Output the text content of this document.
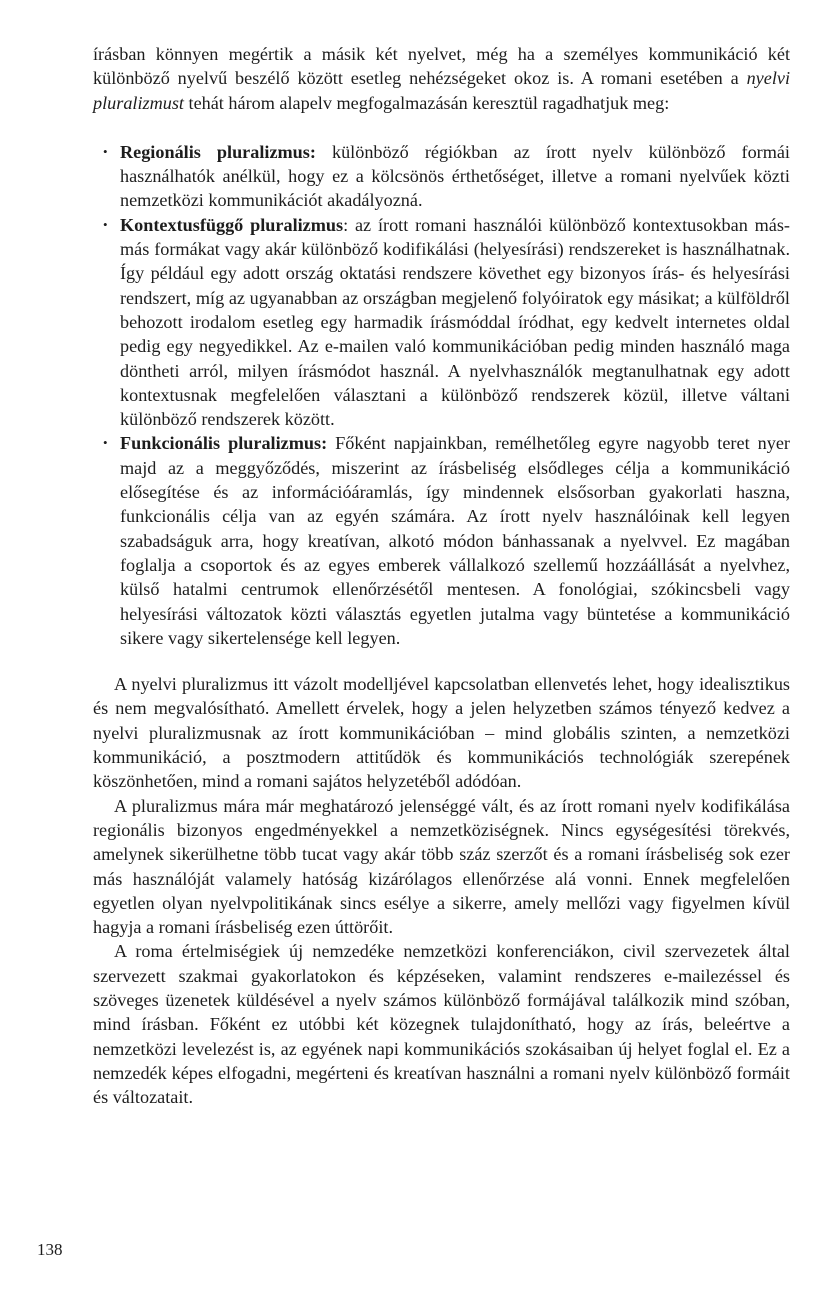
írásban könnyen megértik a másik két nyelvet, még ha a személyes kommunikáció két különböző nyelvű beszélő között esetleg nehézségeket okoz is. A romani esetében a nyelvi pluralizmust tehát három alapelv megfogalmazásán keresztül ragadhatjuk meg:

• Regionális pluralizmus: különböző régiókban az írott nyelv különböző formái használhatók anélkül, hogy ez a kölcsönös érthetőséget, illetve a romani nyelvűek közti nemzetközi kommunikációt akadályozná.
• Kontextusfüggő pluralizmus: az írott romani használói különböző kontextusokban más-más formákat vagy akár különböző kodifikálási (helyesírási) rendszereket is használhatnak. Így például egy adott ország oktatási rendszere követhet egy bizonyos írás- és helyesírási rendszert, míg az ugyanabban az országban megjelenő folyóiratok egy másikat; a külföldről behozott irodalom esetleg egy harmadik írásmóddal íródhat, egy kedvelt internetes oldal pedig egy negyedikkel. Az e-mailen való kommunikációban pedig minden használó maga döntheti arról, milyen írásmódot használ. A nyelvhasználók megtanulhatnak egy adott kontextusnak megfelelően választani a különböző rendszerek közül, illetve váltani különböző rendszerek között.
• Funkcionális pluralizmus: Főként napjainkban, remélhetőleg egyre nagyobb teret nyer majd az a meggyőződés, miszerint az írásbeliség elsődleges célja a kommunikáció elősegítése és az információáramlás, így mindennek elsősorban gyakorlati haszna, funkcionális célja van az egyén számára. Az írott nyelv használóinak kell legyen szabadságuk arra, hogy kreatívan, alkotó módon bánhassanak a nyelvvel. Ez magában foglalja a csoportok és az egyes emberek vállalkozó szellemű hozzáállását a nyelvhez, külső hatalmi centrumok ellenőrzésétől mentesen. A fonológiai, szókincsbeli vagy helyesírási változatok közti választás egyetlen jutalma vagy büntetése a kommunikáció sikere vagy sikertelensége kell legyen.

A nyelvi pluralizmus itt vázolt modelljével kapcsolatban ellenvetés lehet, hogy idealisztikus és nem megvalósítható. Amellett érvelek, hogy a jelen helyzetben számos tényező kedvez a nyelvi pluralizmusnak az írott kommunikációban – mind globális szinten, a nemzetközi kommunikáció, a posztmodern attitűdök és kommunikációs technológiák szerepének köszönhetően, mind a romani sajátos helyzetéből adódóan.

A pluralizmus mára már meghatározó jelenséggé vált, és az írott romani nyelv kodifikálása regionális bizonyos engedményekkel a nemzetköziségnek. Nincs egységesítési törekvés, amelynek sikerülhetne több tucat vagy akár több száz szerzőt és a romani írásbeliség sok ezer más használóját valamely hatóság kizárólagos ellenőrzése alá vonni. Ennek megfelelően egyetlen olyan nyelvpolitikának sincs esélye a sikerre, amely mellőzi vagy figyelmen kívül hagyja a romani írásbeliség ezen úttörőit.

A roma értelmiségiek új nemzedéke nemzetközi konferenciákon, civil szervezetek által szervezett szakmai gyakorlatokon és képzéseken, valamint rendszeres e-mailezéssel és szöveges üzenetek küldésével a nyelv számos különböző formájával találkozik mind szóban, mind írásban. Főként ez utóbbi két közegnek tulajdonítható, hogy az írás, beleértve a nemzetközi levelezést is, az egyének napi kommunikációs szokásaiban új helyet foglal el. Ez a nemzedék képes elfogadni, megérteni és kreatívan használni a romani nyelv különböző formáit és változatait.

138
